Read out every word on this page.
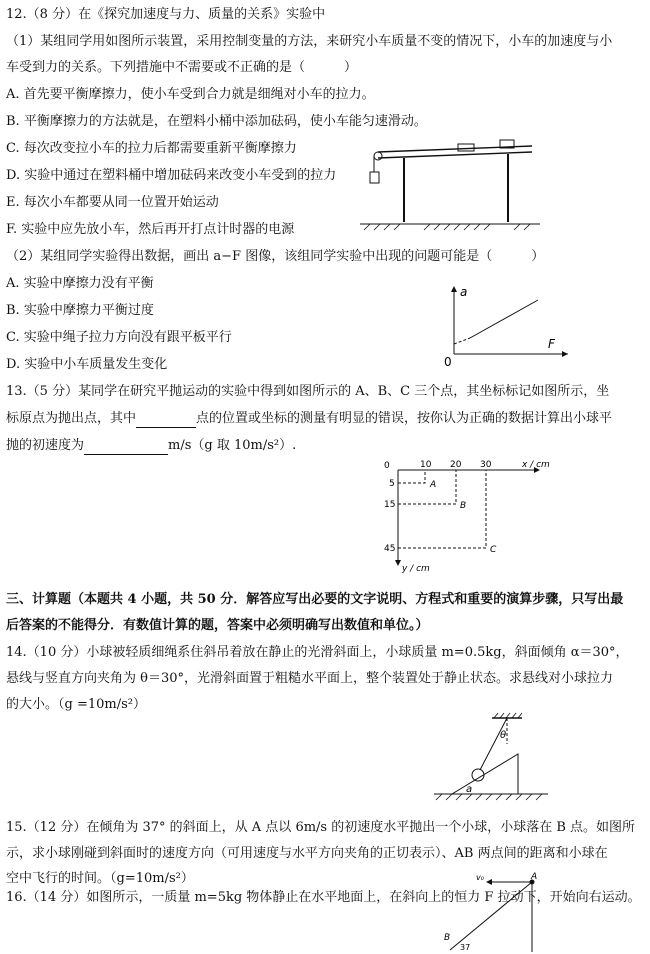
12.（8 分）在《探究加速度与力、质量的关系》实验中
（1）某组同学用如图所示装置，采用控制变量的方法，来研究小车质量不变的情况下，小车的加速度与小
车受到力的关系。下列措施中不需要或不正确的是（　　　）
A. 首先要平衡摩擦力，使小车受到合力就是细绳对小车的拉力。
B. 平衡摩擦力的方法就是，在塑料小桶中添加砝码，使小车能匀速滑动。
C. 每次改变拉小车的拉力后都需要重新平衡摩擦力
D. 实验中通过在塑料桶中增加砝码来改变小车受到的拉力
E. 每次小车都要从同一位置开始运动
F. 实验中应先放小车，然后再开打点计时器的电源
（2）某组同学实验得出数据，画出 a−F 图像，该组同学实验中出现的问题可能是（　　　）
A. 实验中摩擦力没有平衡
B. 实验中摩擦力平衡过度
C. 实验中绳子拉力方向没有跟平板平行
D. 实验中小车质量发生变化
a
F
0
13.（5 分）某同学在研究平抛运动的实验中得到如图所示的 A、B、C 三个点，其坐标标记如图所示，坐
标原点为抛出点，其中	点的位置或坐标的测量有明显的错误，按你认为正确的数据计算出小球平
抛的初速度为	m/s（g 取 10m/s²）.
0	10 20 30
5
15
45
x / cm
y / cm
A
B
C
三、计算题（本题共 4 小题，共 50 分．解答应写出必要的文字说明、方程式和重要的演算步骤，只写出最
后答案的不能得分．有数值计算的题，答案中必须明确写出数值和单位。）
14.（10 分）小球被轻质细绳系住斜吊着放在静止的光滑斜面上，小球质量 m=0.5kg，斜面倾角 α＝30°，
悬线与竖直方向夹角为 θ＝30°，光滑斜面置于粗糙水平面上，整个装置处于静止状态。求悬线对小球拉力
的大小。（g =10m/s²）
θ
a
15.（12 分）在倾角为 37° 的斜面上，从 A 点以 6m/s 的初速度水平抛出一个小球，小球落在 B 点。如图所
示，求小球刚碰到斜面时的速度方向（可用速度与水平方向夹角的正切表示）、AB 两点间的距离和小球在
空中飞行的时间。（g=10m/s²）
16.（14 分）如图所示，一质量 m=5kg 物体静止在水平地面上，在斜向上的恒力 F 拉动下，开始向右运动。
v₀	A
B
37
